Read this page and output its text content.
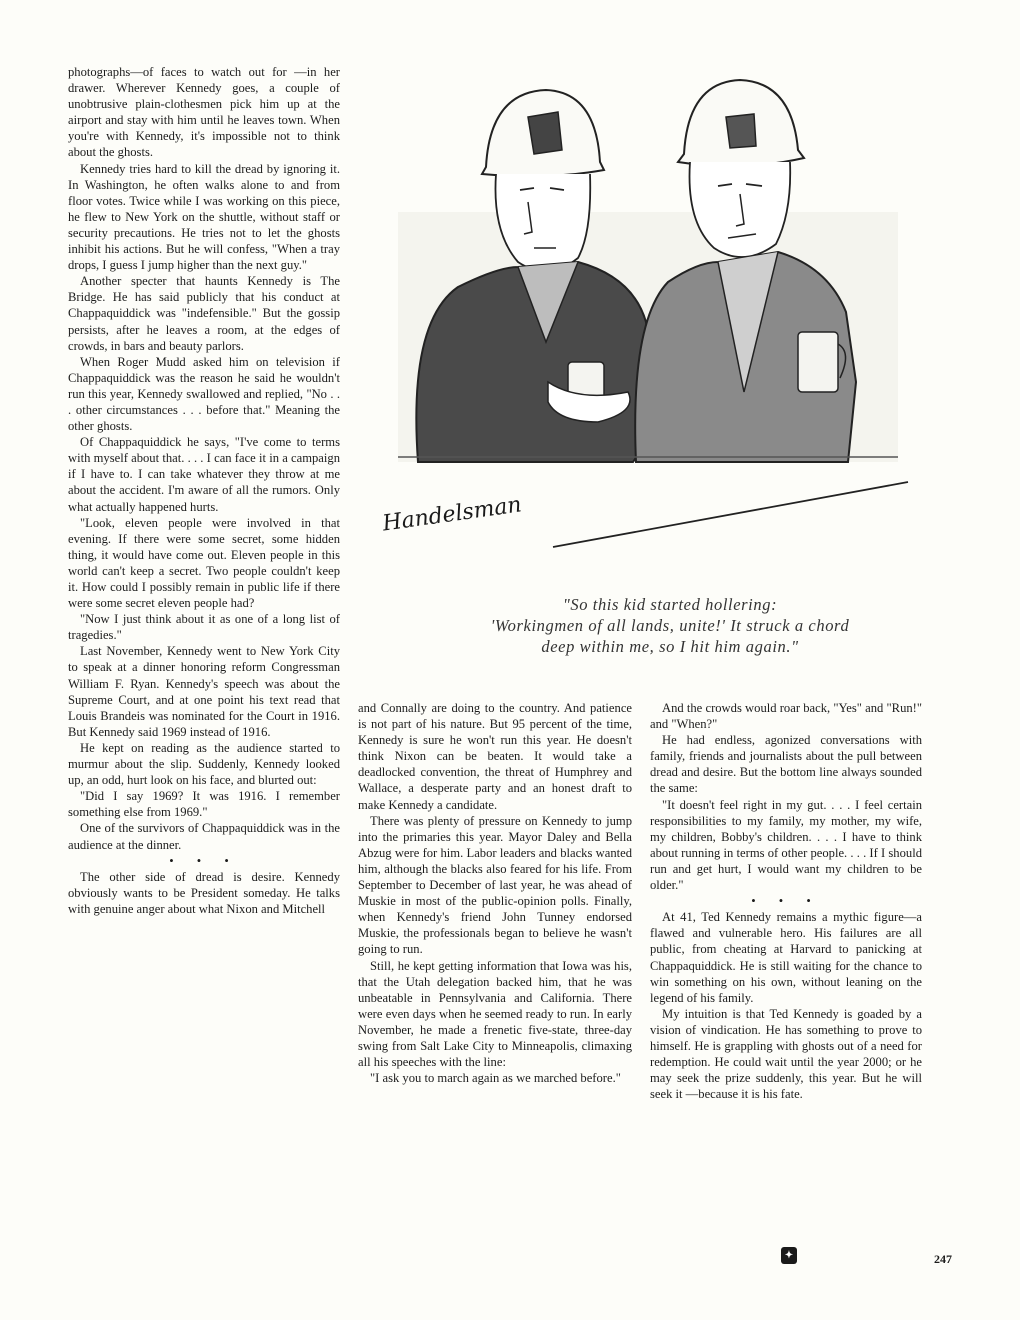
photographs—of faces to watch out for —in her drawer. Wherever Kennedy goes, a couple of unobtrusive plain-clothesmen pick him up at the airport and stay with him until he leaves town. When you're with Kennedy, it's impossible not to think about the ghosts.

Kennedy tries hard to kill the dread by ignoring it. In Washington, he often walks alone to and from floor votes. Twice while I was working on this piece, he flew to New York on the shuttle, without staff or security precautions. He tries not to let the ghosts inhibit his actions. But he will confess, "When a tray drops, I guess I jump higher than the next guy."

Another specter that haunts Kennedy is The Bridge. He has said publicly that his conduct at Chappaquiddick was "indefensible." But the gossip persists, after he leaves a room, at the edges of crowds, in bars and beauty parlors.

When Roger Mudd asked him on television if Chappaquiddick was the reason he said he wouldn't run this year, Kennedy swallowed and replied, "No . . . other circumstances . . . before that." Meaning the other ghosts.

Of Chappaquiddick he says, "I've come to terms with myself about that. . . . I can face it in a campaign if I have to. I can take whatever they throw at me about the accident. I'm aware of all the rumors. Only what actually happened hurts.

"Look, eleven people were involved in that evening. If there were some secret, some hidden thing, it would have come out. Eleven people in this world can't keep a secret. Two people couldn't keep it. How could I possibly remain in public life if there were some secret eleven people had?

"Now I just think about it as one of a long list of tragedies."

Last November, Kennedy went to New York City to speak at a dinner honoring reform Congressman William F. Ryan. Kennedy's speech was about the Supreme Court, and at one point his text read that Louis Brandeis was nominated for the Court in 1916. But Kennedy said 1969 instead of 1916.

He kept on reading as the audience started to murmur about the slip. Suddenly, Kennedy looked up, an odd, hurt look on his face, and blurted out:

"Did I say 1969? It was 1916. I remember something else from 1969."

One of the survivors of Chappaquiddick was in the audience at the dinner.

• • •

The other side of dread is desire. Kennedy obviously wants to be President someday. He talks with genuine anger about what Nixon and Mitchell

Handelsman
"So this kid started hollering:
'Workingmen of all lands, unite!' It struck a chord
deep within me, so I hit him again."

and Connally are doing to the country. And patience is not part of his nature. But 95 percent of the time, Kennedy is sure he won't run this year. He doesn't think Nixon can be beaten. It would take a deadlocked convention, the threat of Humphrey and Wallace, a desperate party and an honest draft to make Kennedy a candidate.

There was plenty of pressure on Kennedy to jump into the primaries this year. Mayor Daley and Bella Abzug were for him. Labor leaders and blacks wanted him, although the blacks also feared for his life. From September to December of last year, he was ahead of Muskie in most of the public-opinion polls. Finally, when Kennedy's friend John Tunney endorsed Muskie, the professionals began to believe he wasn't going to run.

Still, he kept getting information that Iowa was his, that the Utah delegation backed him, that he was unbeatable in Pennsylvania and California. There were even days when he seemed ready to run. In early November, he made a frenetic five-state, three-day swing from Salt Lake City to Minneapolis, climaxing all his speeches with the line:

"I ask you to march again as we marched before."

And the crowds would roar back, "Yes" and "Run!" and "When?"

He had endless, agonized conversations with family, friends and journalists about the pull between dread and desire. But the bottom line always sounded the same:

"It doesn't feel right in my gut. . . . I feel certain responsibilities to my family, my mother, my wife, my children, Bobby's children. . . . I have to think about running in terms of other people. . . . If I should run and get hurt, I would want my children to be older."

• • •

At 41, Ted Kennedy remains a mythic figure—a flawed and vulnerable hero. His failures are all public, from cheating at Harvard to panicking at Chappaquiddick. He is still waiting for the chance to win something on his own, without leaning on the legend of his family.

My intuition is that Ted Kennedy is goaded by a vision of vindication. He has something to prove to himself. He is grappling with ghosts out of a need for redemption. He could wait until the year 2000; or he may seek the prize suddenly, this year. But he will seek it —because it is his fate.

✦	247
